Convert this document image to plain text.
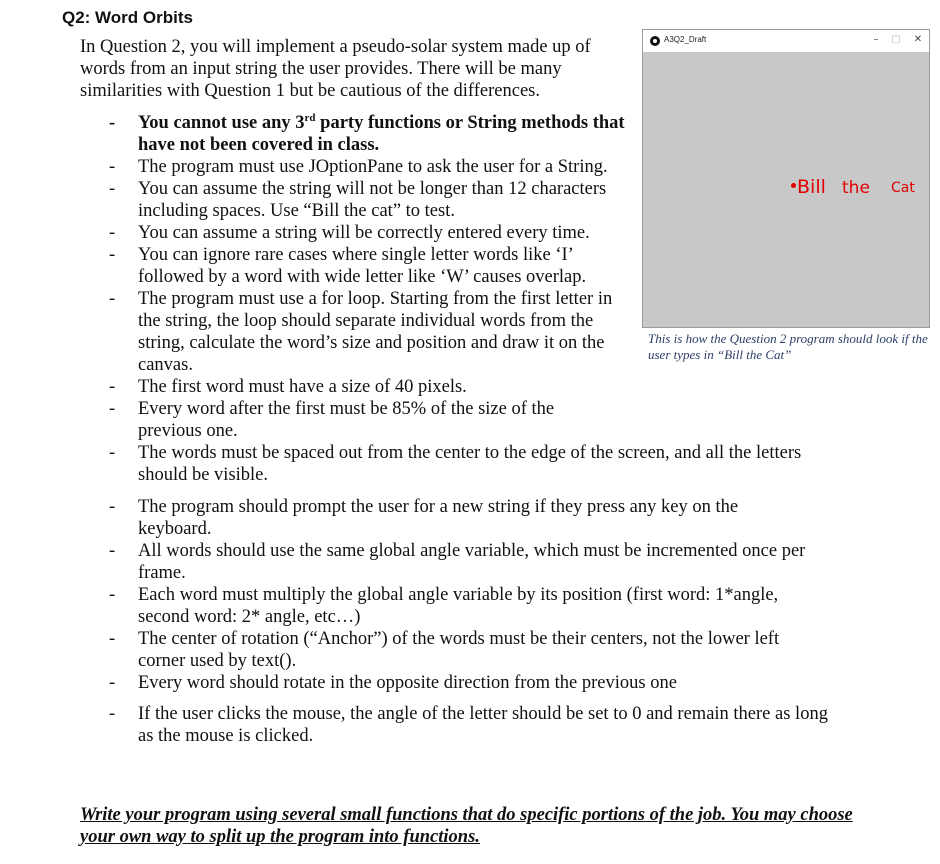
Q2: Word Orbits
In Question 2, you will implement a pseudo-solar system made up of words from an input string the user provides. There will be many similarities with Question 1 but be cautious of the differences.
- You cannot use any 3rd party functions or String methods that have not been covered in class.
- The program must use JOptionPane to ask the user for a String.
- You can assume the string will not be longer than 12 characters including spaces. Use “Bill the cat” to test.
- You can assume a string will be correctly entered every time.
- You can ignore rare cases where single letter words like ‘I’ followed by a word with wide letter like ‘W’ causes overlap.
- The program must use a for loop. Starting from the first letter in the string, the loop should separate individual words from the string, calculate the word’s size and position and draw it on the canvas.
- The first word must have a size of 40 pixels.
- Every word after the first must be 85% of the size of the previous one.
- The words must be spaced out from the center to the edge of the screen, and all the letters should be visible.
- The program should prompt the user for a new string if they press any key on the keyboard.
- All words should use the same global angle variable, which must be incremented once per frame.
- Each word must multiply the global angle variable by its position (first word: 1*angle, second word: 2* angle, etc…)
- The center of rotation (“Anchor”) of the words must be their centers, not the lower left corner used by text().
- Every word should rotate in the opposite direction from the previous one
- If the user clicks the mouse, the angle of the letter should be set to 0 and remain there as long as the mouse is clicked.
A3Q2_Draft	–	□ ✕
Bill the Cat
This is how the Question 2 program should look if the user types in “Bill the Cat”
Write your program using several small functions that do specific portions of the job. You may choose your own way to split up the program into functions.
